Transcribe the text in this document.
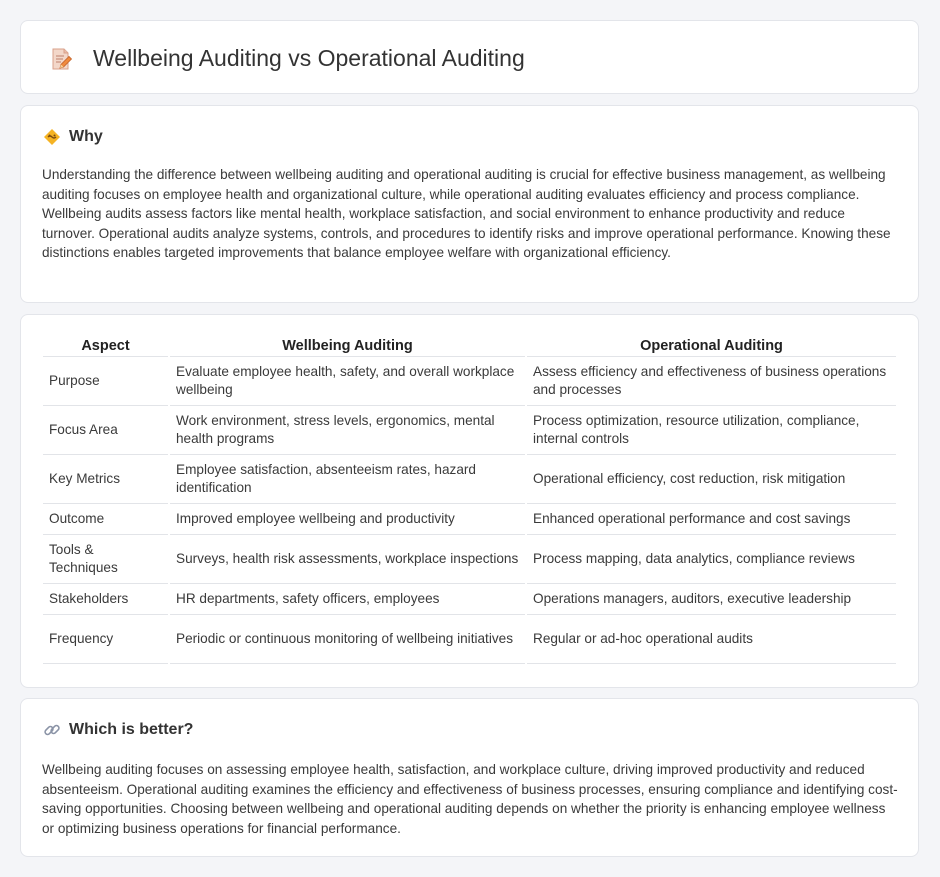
Wellbeing Auditing vs Operational Auditing
Why

Understanding the difference between wellbeing auditing and operational auditing is crucial for effective business management, as wellbeing auditing focuses on employee health and organizational culture, while operational auditing evaluates efficiency and process compliance. Wellbeing audits assess factors like mental health, workplace satisfaction, and social environment to enhance productivity and reduce turnover. Operational audits analyze systems, controls, and procedures to identify risks and improve operational performance. Knowing these distinctions enables targeted improvements that balance employee welfare with organizational efficiency.

Aspect	Wellbeing Auditing	Operational Auditing
Purpose	Evaluate employee health, safety, and overall workplace wellbeing	Assess efficiency and effectiveness of business operations and processes
Focus Area	Work environment, stress levels, ergonomics, mental health programs	Process optimization, resource utilization, compliance, internal controls
Key Metrics	Employee satisfaction, absenteeism rates, hazard identification	Operational efficiency, cost reduction, risk mitigation
Outcome	Improved employee wellbeing and productivity	Enhanced operational performance and cost savings
Tools & Techniques	Surveys, health risk assessments, workplace inspections	Process mapping, data analytics, compliance reviews
Stakeholders	HR departments, safety officers, employees	Operations managers, auditors, executive leadership
Frequency	Periodic or continuous monitoring of wellbeing initiatives	Regular or ad-hoc operational audits
Which is better?

Wellbeing auditing focuses on assessing employee health, satisfaction, and workplace culture, driving improved productivity and reduced absenteeism. Operational auditing examines the efficiency and effectiveness of business processes, ensuring compliance and identifying cost-saving opportunities. Choosing between wellbeing and operational auditing depends on whether the priority is enhancing employee wellness or optimizing business operations for financial performance.
